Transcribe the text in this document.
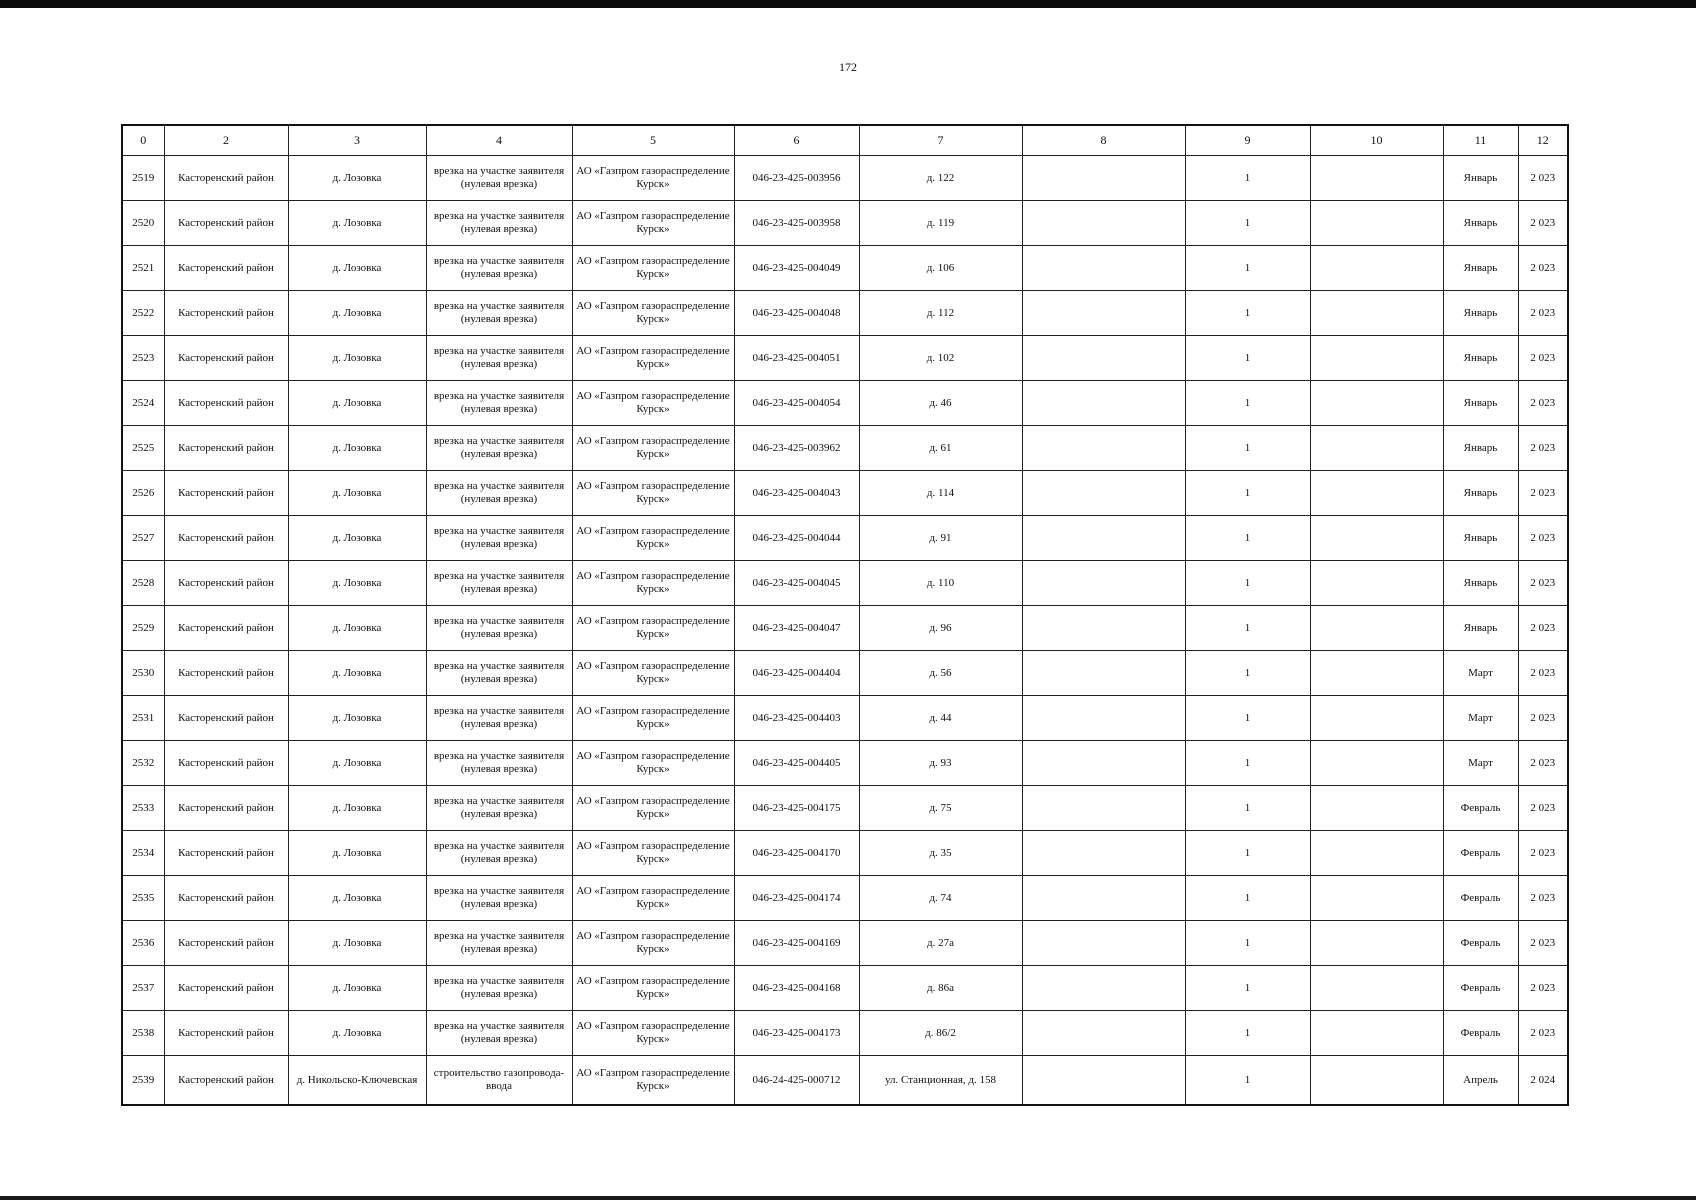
172
0	2	3	4	5	6	7	8	9	10	11	12
2519	Касторенский район	д. Лозовка	врезка на участке заявителя (нулевая врезка)	АО «Газпром газораспределение Курск»	046-23-425-003956	д. 122		1		Январь	2 023
2520	Касторенский район	д. Лозовка	врезка на участке заявителя (нулевая врезка)	АО «Газпром газораспределение Курск»	046-23-425-003958	д. 119		1		Январь	2 023
2521	Касторенский район	д. Лозовка	врезка на участке заявителя (нулевая врезка)	АО «Газпром газораспределение Курск»	046-23-425-004049	д. 106		1		Январь	2 023
2522	Касторенский район	д. Лозовка	врезка на участке заявителя (нулевая врезка)	АО «Газпром газораспределение Курск»	046-23-425-004048	д. 112		1		Январь	2 023
2523	Касторенский район	д. Лозовка	врезка на участке заявителя (нулевая врезка)	АО «Газпром газораспределение Курск»	046-23-425-004051	д. 102		1		Январь	2 023
2524	Касторенский район	д. Лозовка	врезка на участке заявителя (нулевая врезка)	АО «Газпром газораспределение Курск»	046-23-425-004054	д. 46		1		Январь	2 023
2525	Касторенский район	д. Лозовка	врезка на участке заявителя (нулевая врезка)	АО «Газпром газораспределение Курск»	046-23-425-003962	д. 61		1		Январь	2 023
2526	Касторенский район	д. Лозовка	врезка на участке заявителя (нулевая врезка)	АО «Газпром газораспределение Курск»	046-23-425-004043	д. 114		1		Январь	2 023
2527	Касторенский район	д. Лозовка	врезка на участке заявителя (нулевая врезка)	АО «Газпром газораспределение Курск»	046-23-425-004044	д. 91		1		Январь	2 023
2528	Касторенский район	д. Лозовка	врезка на участке заявителя (нулевая врезка)	АО «Газпром газораспределение Курск»	046-23-425-004045	д. 110		1		Январь	2 023
2529	Касторенский район	д. Лозовка	врезка на участке заявителя (нулевая врезка)	АО «Газпром газораспределение Курск»	046-23-425-004047	д. 96		1		Январь	2 023
2530	Касторенский район	д. Лозовка	врезка на участке заявителя (нулевая врезка)	АО «Газпром газораспределение Курск»	046-23-425-004404	д. 56		1		Март	2 023
2531	Касторенский район	д. Лозовка	врезка на участке заявителя (нулевая врезка)	АО «Газпром газораспределение Курск»	046-23-425-004403	д. 44		1		Март	2 023
2532	Касторенский район	д. Лозовка	врезка на участке заявителя (нулевая врезка)	АО «Газпром газораспределение Курск»	046-23-425-004405	д. 93		1		Март	2 023
2533	Касторенский район	д. Лозовка	врезка на участке заявителя (нулевая врезка)	АО «Газпром газораспределение Курск»	046-23-425-004175	д. 75		1		Февраль	2 023
2534	Касторенский район	д. Лозовка	врезка на участке заявителя (нулевая врезка)	АО «Газпром газораспределение Курск»	046-23-425-004170	д. 35		1		Февраль	2 023
2535	Касторенский район	д. Лозовка	врезка на участке заявителя (нулевая врезка)	АО «Газпром газораспределение Курск»	046-23-425-004174	д. 74		1		Февраль	2 023
2536	Касторенский район	д. Лозовка	врезка на участке заявителя (нулевая врезка)	АО «Газпром газораспределение Курск»	046-23-425-004169	д. 27а		1		Февраль	2 023
2537	Касторенский район	д. Лозовка	врезка на участке заявителя (нулевая врезка)	АО «Газпром газораспределение Курск»	046-23-425-004168	д. 86а		1		Февраль	2 023
2538	Касторенский район	д. Лозовка	врезка на участке заявителя (нулевая врезка)	АО «Газпром газораспределение Курск»	046-23-425-004173	д. 86/2		1		Февраль	2 023
2539	Касторенский район	д. Никольско-Ключевская	строительство газопровода-ввода	АО «Газпром газораспределение Курск»	046-24-425-000712	ул. Станционная, д. 158		1		Апрель	2 024
